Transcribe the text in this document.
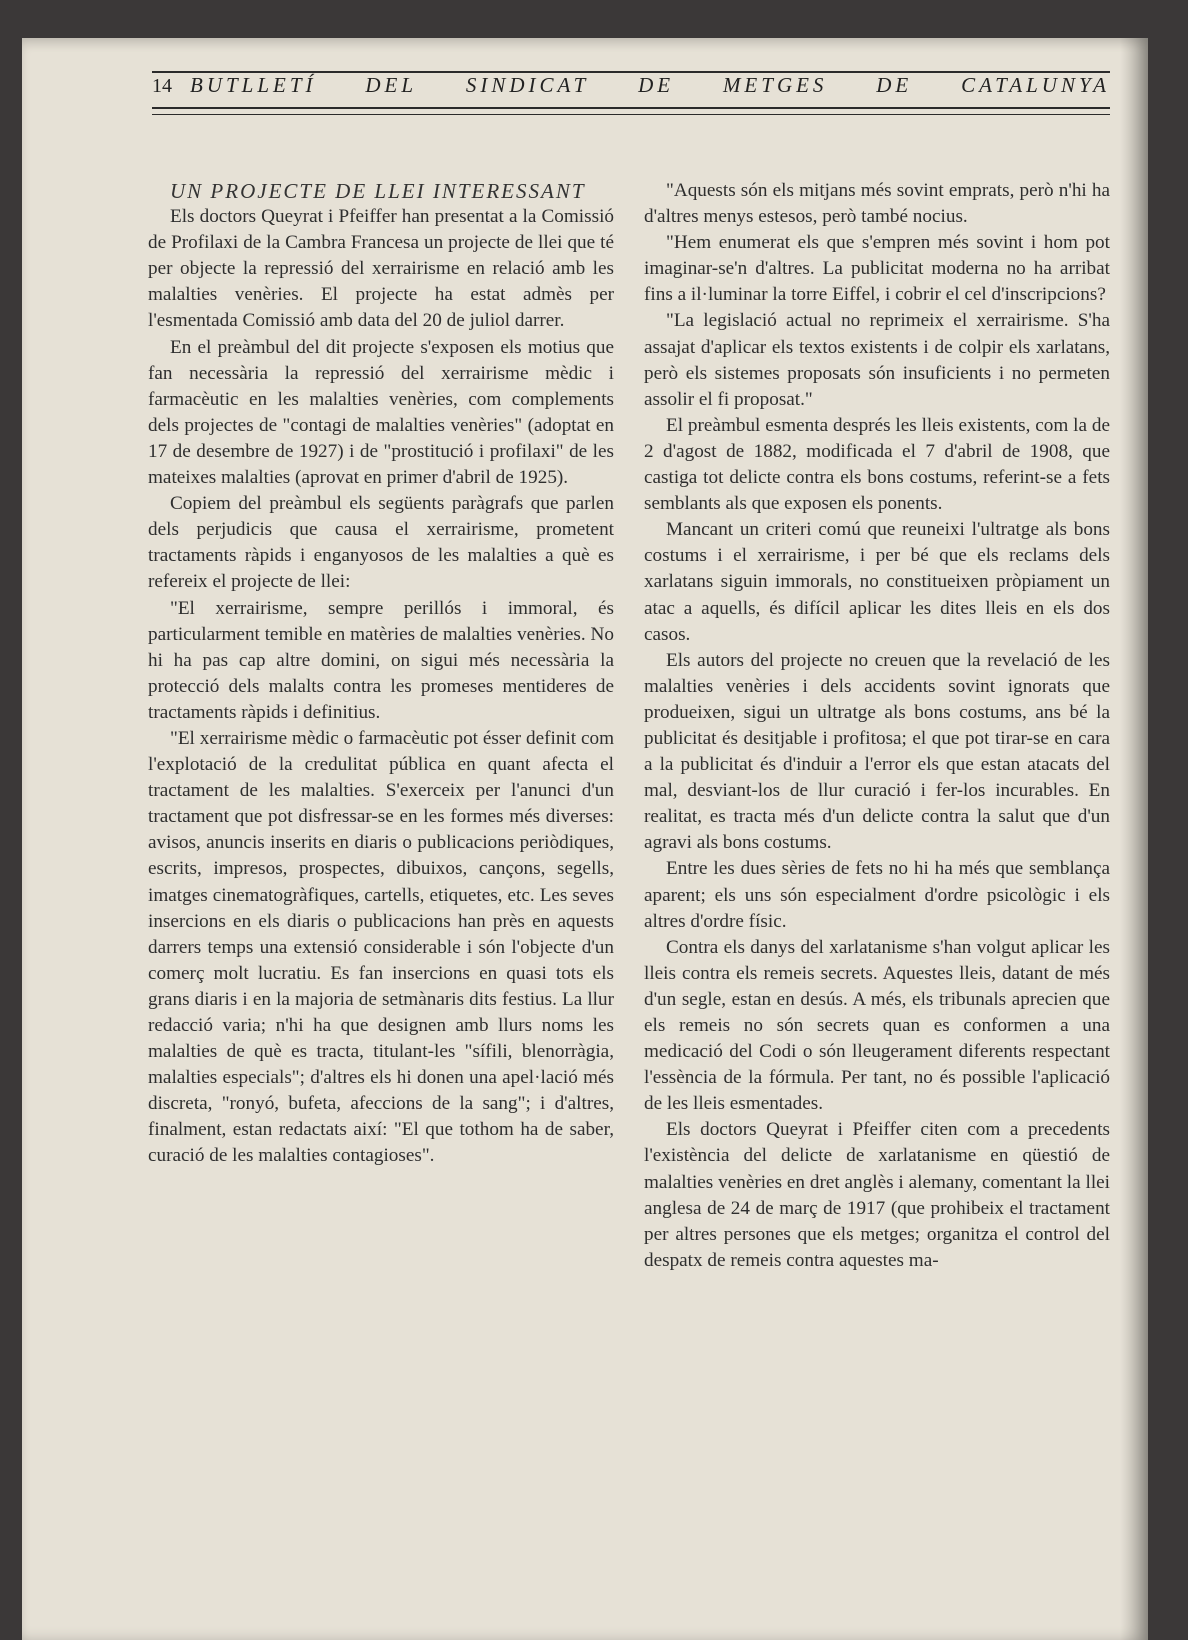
14 BUTLLETÍ DEL SINDICAT DE METGES DE CATALUNYA

UN PROJECTE DE LLEI INTERESSANT

Els doctors Queyrat i Pfeiffer han presentat a la Comissió de Profilaxi de la Cambra Francesa un projecte de llei que té per objecte la repressió del xerrairisme en relació amb les malalties venèries. El projecte ha estat admès per l'esmentada Comissió amb data del 20 de juliol darrer.

En el preàmbul del dit projecte s'exposen els motius que fan necessària la repressió del xerrairisme mèdic i farmacèutic en les malalties venèries, com complements dels projectes de "contagi de malalties venèries" (adoptat en 17 de desembre de 1927) i de "prostitució i profilaxi" de les mateixes malalties (aprovat en primer d'abril de 1925).

Copiem del preàmbul els següents paràgrafs que parlen dels perjudicis que causa el xerrairisme, prometent tractaments ràpids i enganyosos de les malalties a què es refereix el projecte de llei:

"El xerrairisme, sempre perillós i immoral, és particularment temible en matèries de malalties venèries. No hi ha pas cap altre domini, on sigui més necessària la protecció dels malalts contra les promeses mentideres de tractaments ràpids i definitius.

"El xerrairisme mèdic o farmacèutic pot ésser definit com l'explotació de la credulitat pública en quant afecta el tractament de les malalties. S'exerceix per l'anunci d'un tractament que pot disfressar-se en les formes més diverses: avisos, anuncis inserits en diaris o publicacions periòdiques, escrits, impresos, prospectes, dibuixos, cançons, segells, imatges cinematogràfiques, cartells, etiquetes, etc. Les seves insercions en els diaris o publicacions han près en aquests darrers temps una extensió considerable i són l'objecte d'un comerç molt lucratiu. Es fan insercions en quasi tots els grans diaris i en la majoria de setmànaris dits festius. La llur redacció varia; n'hi ha que designen amb llurs noms les malalties de què es tracta, titulant-les "sífili, blenorràgia, malalties especials"; d'altres els hi donen una apel·lació més discreta, "ronyó, bufeta, afeccions de la sang"; i d'altres, finalment, estan redactats així: "El que tothom ha de saber, curació de les malalties contagioses".

"Aquests són els mitjans més sovint emprats, però n'hi ha d'altres menys estesos, però també nocius.

"Hem enumerat els que s'empren més sovint i hom pot imaginar-se'n d'altres. La publicitat moderna no ha arribat fins a il·luminar la torre Eiffel, i cobrir el cel d'inscripcions?

"La legislació actual no reprimeix el xerrairisme. S'ha assajat d'aplicar els textos existents i de colpir els xarlatans, però els sistemes proposats són insuficients i no permeten assolir el fi proposat."

El preàmbul esmenta després les lleis existents, com la de 2 d'agost de 1882, modificada el 7 d'abril de 1908, que castiga tot delicte contra els bons costums, referint-se a fets semblants als que exposen els ponents.

Mancant un criteri comú que reuneixi l'ultratge als bons costums i el xerrairisme, i per bé que els reclams dels xarlatans siguin immorals, no constitueixen pròpiament un atac a aquells, és difícil aplicar les dites lleis en els dos casos.

Els autors del projecte no creuen que la revelació de les malalties venèries i dels accidents sovint ignorats que produeixen, sigui un ultratge als bons costums, ans bé la publicitat és desitjable i profitosa; el que pot tirar-se en cara a la publicitat és d'induir a l'error els que estan atacats del mal, desviant-los de llur curació i fer-los incurables. En realitat, es tracta més d'un delicte contra la salut que d'un agravi als bons costums.

Entre les dues sèries de fets no hi ha més que semblança aparent; els uns són especialment d'ordre psicològic i els altres d'ordre físic.

Contra els danys del xarlatanisme s'han volgut aplicar les lleis contra els remeis secrets. Aquestes lleis, datant de més d'un segle, estan en desús. A més, els tribunals aprecien que els remeis no són secrets quan es conformen a una medicació del Codi o són lleugerament diferents respectant l'essència de la fórmula. Per tant, no és possible l'aplicació de les lleis esmentades.

Els doctors Queyrat i Pfeiffer citen com a precedents l'existència del delicte de xarlatanisme en qüestió de malalties venèries en dret anglès i alemany, comentant la llei anglesa de 24 de març de 1917 (que prohibeix el tractament per altres persones que els metges; organitza el control del despatx de remeis contra aquestes ma-
